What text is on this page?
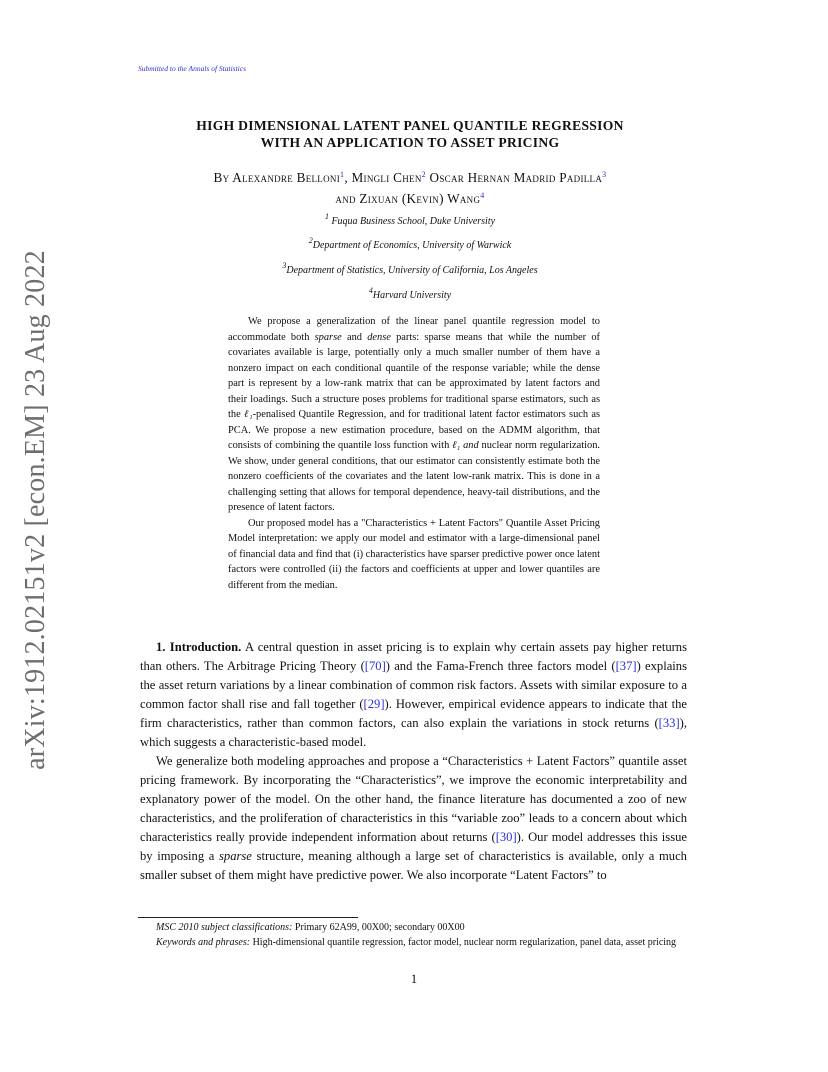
Submitted to the Annals of Statistics
arXiv:1912.02151v2 [econ.EM] 23 Aug 2022
HIGH DIMENSIONAL LATENT PANEL QUANTILE REGRESSION
WITH AN APPLICATION TO ASSET PRICING
By Alexandre Belloni$^1$, Mingli Chen$^2$ Oscar Hernan Madrid Padilla$^3$
and Zixuan (Kevin) Wang$^4$
$^1$ Fuqua Business School, Duke University
$^2$Department of Economics, University of Warwick
$^3$Department of Statistics, University of California, Los Angeles
$^4$Harvard University

We propose a generalization of the linear panel quantile regression model to accommodate both sparse and dense parts: sparse means that while the number of covariates available is large, potentially only a much smaller number of them have a nonzero impact on each conditional quantile of the response variable; while the dense part is represent by a low-rank matrix that can be approximated by latent factors and their loadings. Such a structure poses problems for traditional sparse estimators, such as the ℓ₁-penalised Quantile Regression, and for traditional latent factor estimators such as PCA. We propose a new estimation procedure, based on the ADMM algorithm, that consists of combining the quantile loss function with ℓ₁ and nuclear norm regularization. We show, under general conditions, that our estimator can consistently estimate both the nonzero coefficients of the covariates and the latent low-rank matrix. This is done in a challenging setting that allows for temporal dependence, heavy-tail distributions, and the presence of latent factors.

Our proposed model has a "Characteristics + Latent Factors" Quantile Asset Pricing Model interpretation: we apply our model and estimator with a large-dimensional panel of financial data and find that (i) characteristics have sparser predictive power once latent factors were controlled (ii) the factors and coefficients at upper and lower quantiles are different from the median.

1. Introduction. A central question in asset pricing is to explain why certain assets pay higher returns than others. The Arbitrage Pricing Theory ([70]) and the Fama-French three factors model ([37]) explains the asset return variations by a linear combination of common risk factors. Assets with similar exposure to a common factor shall rise and fall together ([29]). However, empirical evidence appears to indicate that the firm characteristics, rather than common factors, can also explain the variations in stock returns ([33]), which suggests a characteristic-based model.

We generalize both modeling approaches and propose a “Characteristics + Latent Factors” quantile asset pricing framework. By incorporating the “Characteristics”, we improve the economic interpretability and explanatory power of the model. On the other hand, the finance literature has documented a zoo of new characteristics, and the proliferation of characteristics in this “variable zoo” leads to a concern about which characteristics really provide independent information about returns ([30]). Our model addresses this issue by imposing a sparse structure, meaning although a large set of characteristics is available, only a much smaller subset of them might have predictive power. We also incorporate “Latent Factors” to

MSC 2010 subject classifications: Primary 62A99, 00X00; secondary 00X00

Keywords and phrases: High-dimensional quantile regression, factor model, nuclear norm regularization, panel data, asset pricing

1
